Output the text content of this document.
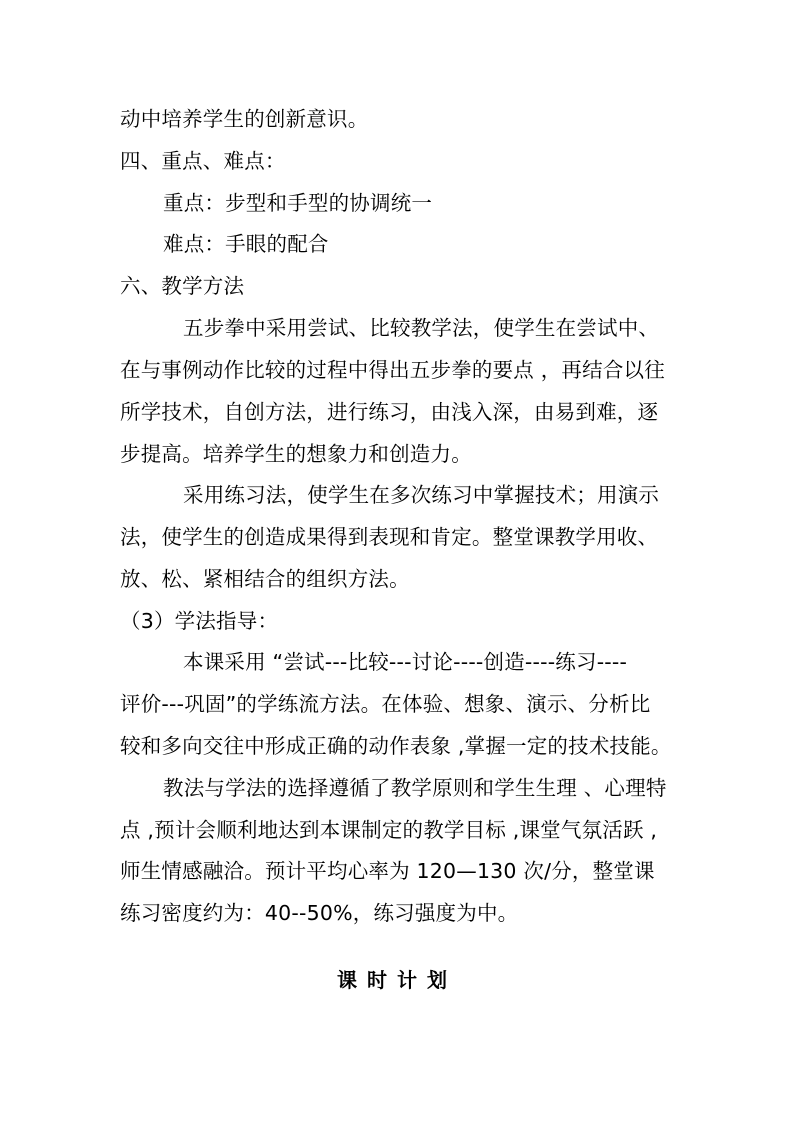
动中培养学生的创新意识。
四、重点、难点：
重点：步型和手型的协调统一
难点：手眼的配合
六、教学方法
五步拳中采用尝试、比较教学法，使学生在尝试中、
在与事例动作比较的过程中得出五步拳的要点 ，再结合以往
所学技术，自创方法，进行练习，由浅入深，由易到难，逐
步提高。培养学生的想象力和创造力。
采用练习法，使学生在多次练习中掌握技术；用演示
法，使学生的创造成果得到表现和肯定。整堂课教学用收、
放、松、紧相结合的组织方法。
（3）学法指导：
本课采用 “尝试---比较---讨论----创造----练习----
评价---巩固”的学练流方法。在体验、想象、演示、分析比
较和多向交往中形成正确的动作表象 ,掌握一定的技术技能。
教法与学法的选择遵循了教学原则和学生生理 、心理特
点 ,预计会顺利地达到本课制定的教学目标 ,课堂气氛活跃 ,
师生情感融洽。预计平均心率为 120—130 次/分，整堂课
练习密度约为：40--50%，练习强度为中。
课时计划
